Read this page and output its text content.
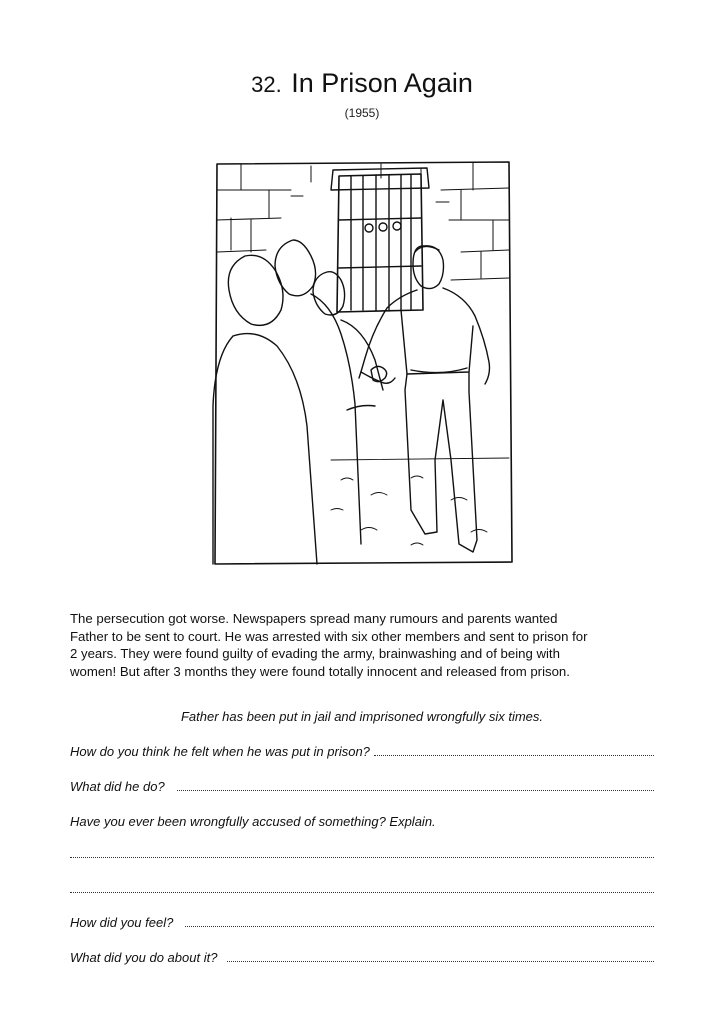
32. In Prison Again
(1955)

The persecution got worse. Newspapers spread many rumours and parents wanted

Father to be sent to court. He was arrested with six other members and sent to prison for

2 years. They were found guilty of evading the army, brainwashing and of being with

women! But after 3 months they were found totally innocent and released from prison.

Father has been put in jail and imprisoned wrongfully six times.
How do you think he felt when he was put in prison?
What did he do?
Have you ever been wrongfully accused of something? Explain.
How did you feel?
What did you do about it?
